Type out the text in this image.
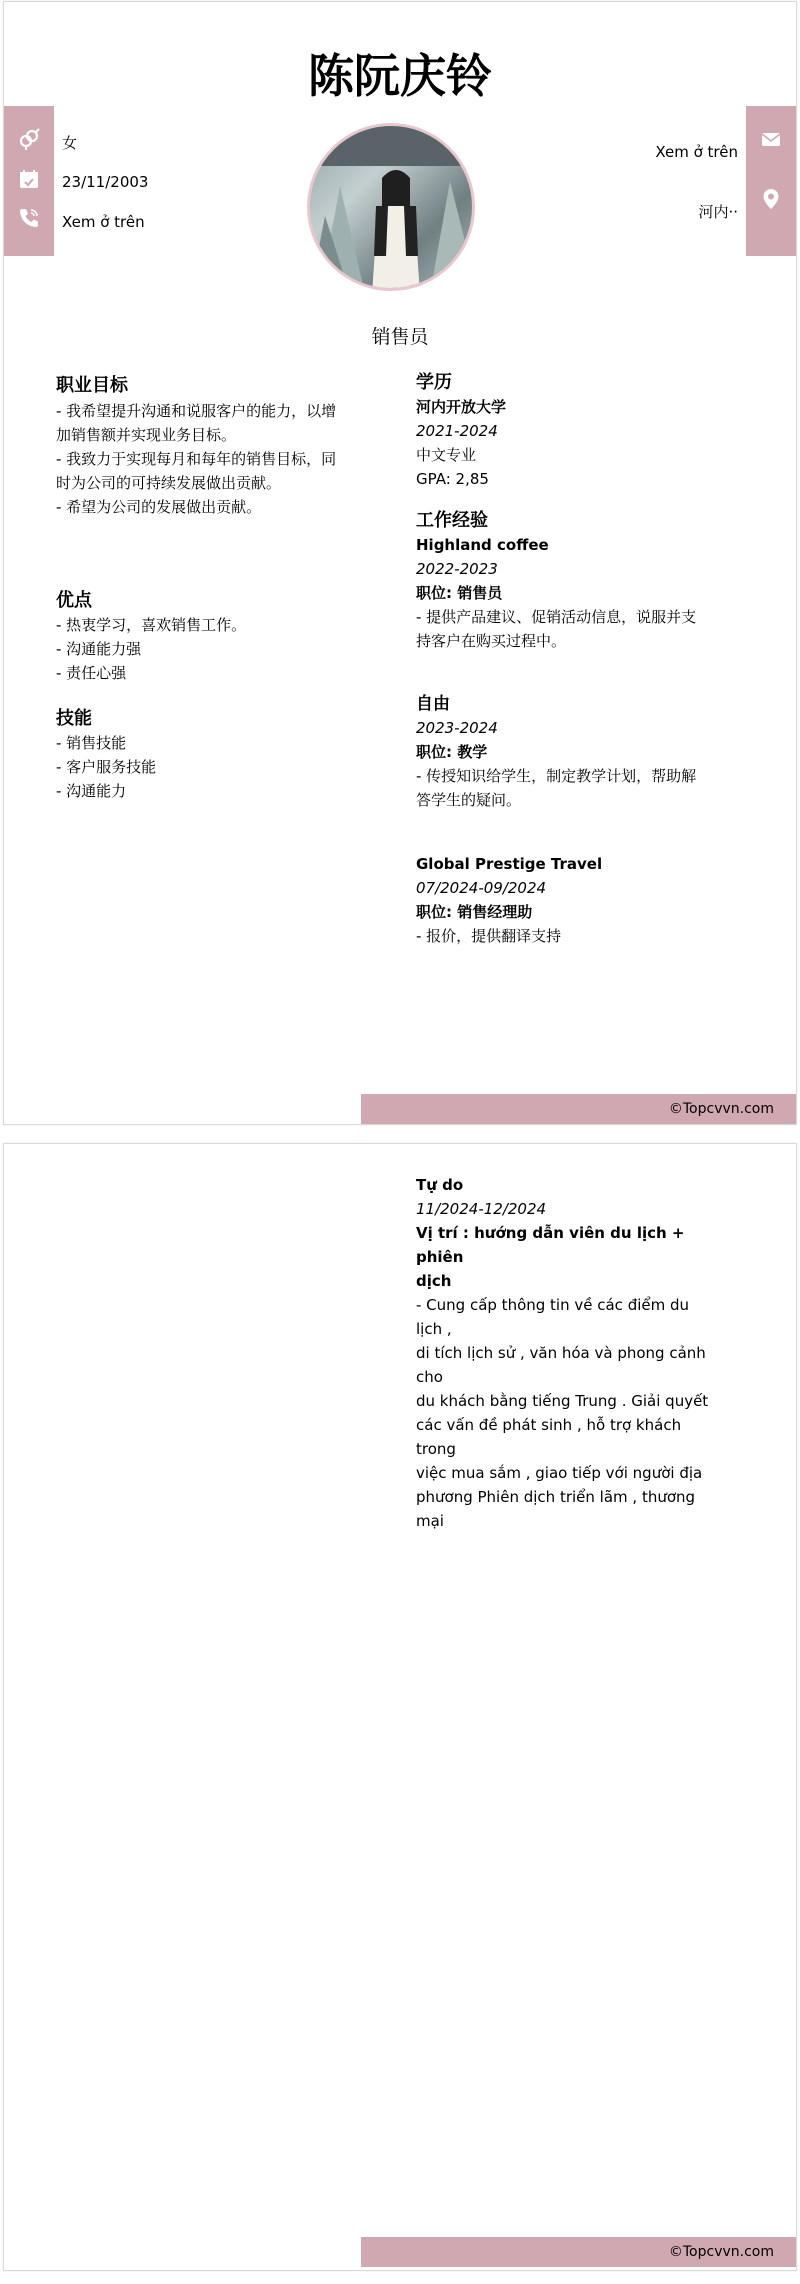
陈阮庆铃
女
23/11/2003
Xem ở trên
Xem ở trên
河内··
销售员
职业目标
- 我希望提升沟通和说服客户的能力，以增
加销售额并实现业务目标。
- 我致力于实现每月和每年的销售目标，同
时为公司的可持续发展做出贡献。
- 希望为公司的发展做出贡献。
优点
- 热衷学习，喜欢销售工作。
- 沟通能力强
- 责任心强
技能
- 销售技能
- 客户服务技能
- 沟通能力
学历
河内开放大学
2021-2024
中文专业
GPA: 2,85
工作经验
Highland coffee
2022-2023
职位: 销售员
- 提供产品建议、促销活动信息，说服并支
持客户在购买过程中。
自由
2023-2024
职位: 教学
- 传授知识给学生，制定教学计划，帮助解
答学生的疑问。
Global Prestige Travel
07/2024-09/2024
职位: 销售经理助
- 报价，提供翻译支持
©Topcvvn.com
Tự do
11/2024-12/2024
Vị trí : hướng dẫn viên du lịch + phiên
dịch
- Cung cấp thông tin về các điểm du lịch ,
di tích lịch sử , văn hóa và phong cảnh cho
du khách bằng tiếng Trung . Giải quyết
các vấn đề phát sinh , hỗ trợ khách trong
việc mua sắm , giao tiếp với người địa
phương Phiên dịch triển lãm , thương mại
©Topcvvn.com
